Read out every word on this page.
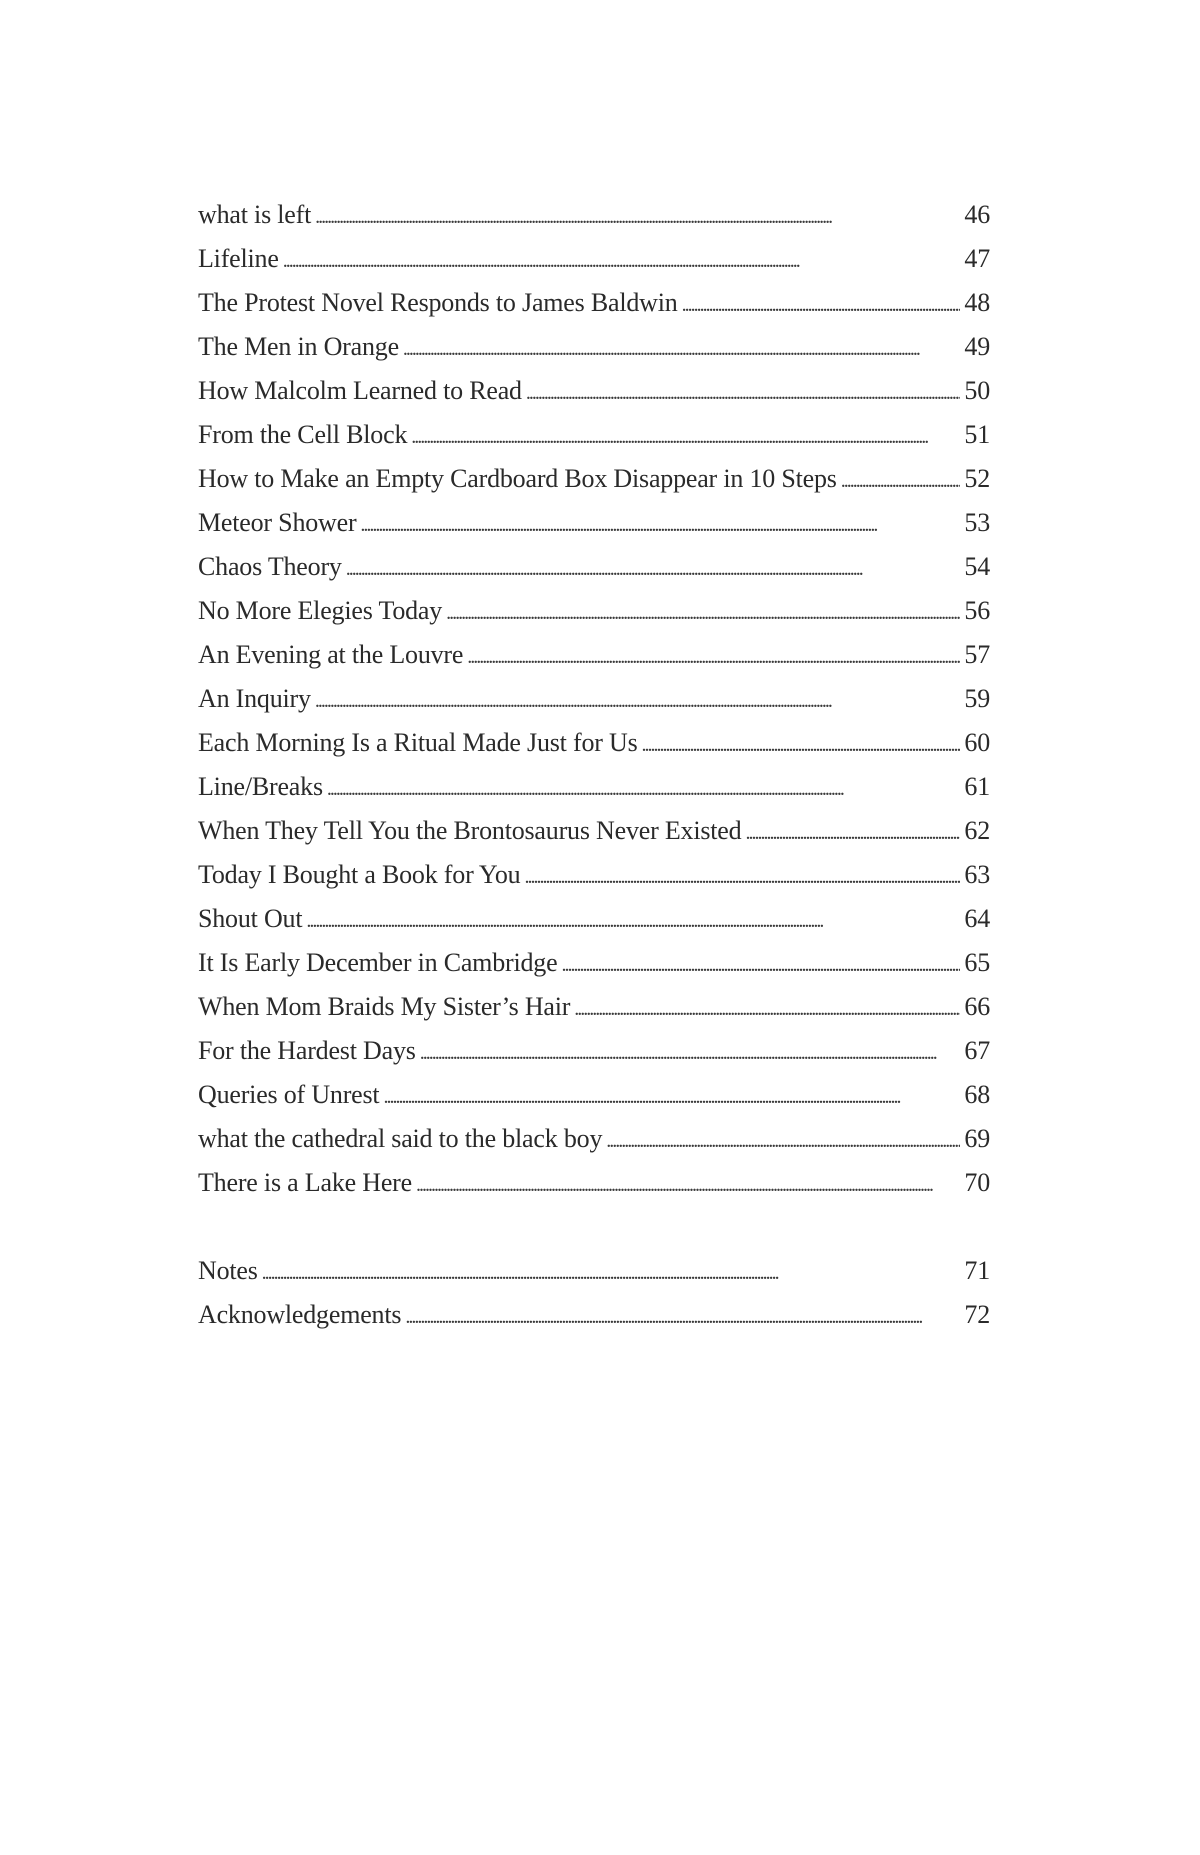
what is left . . .	46
Lifeline . . .	47
The Protest Novel Responds to James Baldwin . . .	48
The Men in Orange . . .	49
How Malcolm Learned to Read . . .	50
From the Cell Block . . .	51
How to Make an Empty Cardboard Box Disappear in 10 Steps . . .	52
Meteor Shower . . .	53
Chaos Theory . . .	54
No More Elegies Today . . .	56
An Evening at the Louvre . . .	57
An Inquiry . . .	59
Each Morning Is a Ritual Made Just for Us . . .	60
Line/Breaks . . .	61
When They Tell You the Brontosaurus Never Existed . . .	62
Today I Bought a Book for You . . .	63
Shout Out . . .	64
It Is Early December in Cambridge . . .	65
When Mom Braids My Sister’s Hair . . .	66
For the Hardest Days . . .	67
Queries of Unrest . . .	68
what the cathedral said to the black boy . . .	69
There is a Lake Here . . .	70
Notes . . .	71
Acknowledgements . . .	72
